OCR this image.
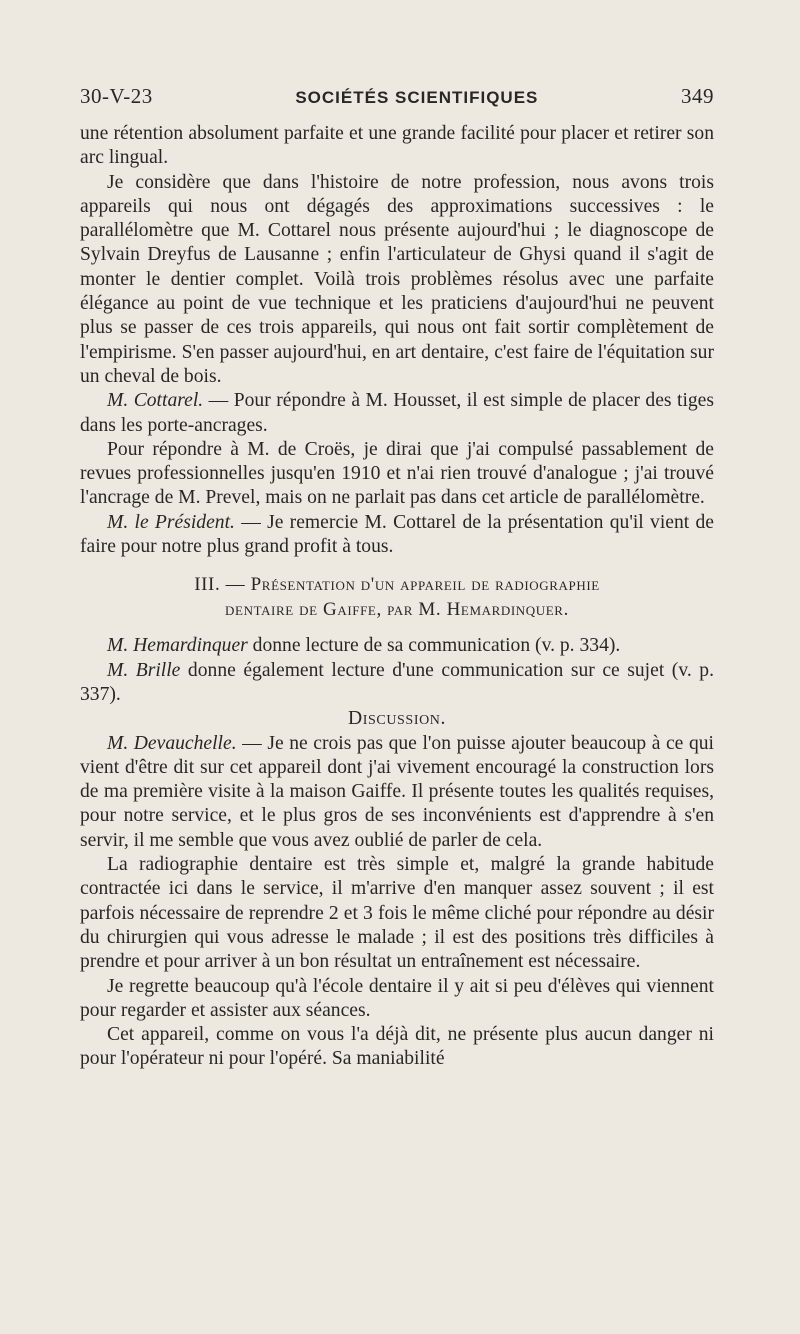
30-V-23	SOCIÉTÉS SCIENTIFIQUES	349

une rétention absolument parfaite et une grande facilité pour placer et retirer son arc lingual.

Je considère que dans l'histoire de notre profession, nous avons trois appareils qui nous ont dégagés des approximations successives : le parallélomètre que M. Cottarel nous présente aujourd'hui ; le diagnoscope de Sylvain Dreyfus de Lausanne ; enfin l'articulateur de Ghysi quand il s'agit de monter le dentier complet. Voilà trois problèmes résolus avec une parfaite élégance au point de vue technique et les praticiens d'aujourd'hui ne peuvent plus se passer de ces trois appareils, qui nous ont fait sortir complètement de l'empirisme. S'en passer aujourd'hui, en art dentaire, c'est faire de l'équitation sur un cheval de bois.

M. Cottarel. — Pour répondre à M. Housset, il est simple de placer des tiges dans les porte-ancrages.

Pour répondre à M. de Croës, je dirai que j'ai compulsé passablement de revues professionnelles jusqu'en 1910 et n'ai rien trouvé d'analogue ; j'ai trouvé l'ancrage de M. Prevel, mais on ne parlait pas dans cet article de parallélomètre.

M. le Président. — Je remercie M. Cottarel de la présentation qu'il vient de faire pour notre plus grand profit à tous.

III. — Présentation d'un appareil de radiographie
dentaire de Gaiffe, par M. Hemardinquer.

M. Hemardinquer donne lecture de sa communication (v. p. 334).

M. Brille donne également lecture d'une communication sur ce sujet (v. p. 337).

Discussion.

M. Devauchelle. — Je ne crois pas que l'on puisse ajouter beaucoup à ce qui vient d'être dit sur cet appareil dont j'ai vivement encouragé la construction lors de ma première visite à la maison Gaiffe. Il présente toutes les qualités requises, pour notre service, et le plus gros de ses inconvénients est d'apprendre à s'en servir, il me semble que vous avez oublié de parler de cela.

La radiographie dentaire est très simple et, malgré la grande habitude contractée ici dans le service, il m'arrive d'en manquer assez souvent ; il est parfois nécessaire de reprendre 2 et 3 fois le même cliché pour répondre au désir du chirurgien qui vous adresse le malade ; il est des positions très difficiles à prendre et pour arriver à un bon résultat un entraînement est nécessaire.

Je regrette beaucoup qu'à l'école dentaire il y ait si peu d'élèves qui viennent pour regarder et assister aux séances.

Cet appareil, comme on vous l'a déjà dit, ne présente plus aucun danger ni pour l'opérateur ni pour l'opéré. Sa maniabilité
